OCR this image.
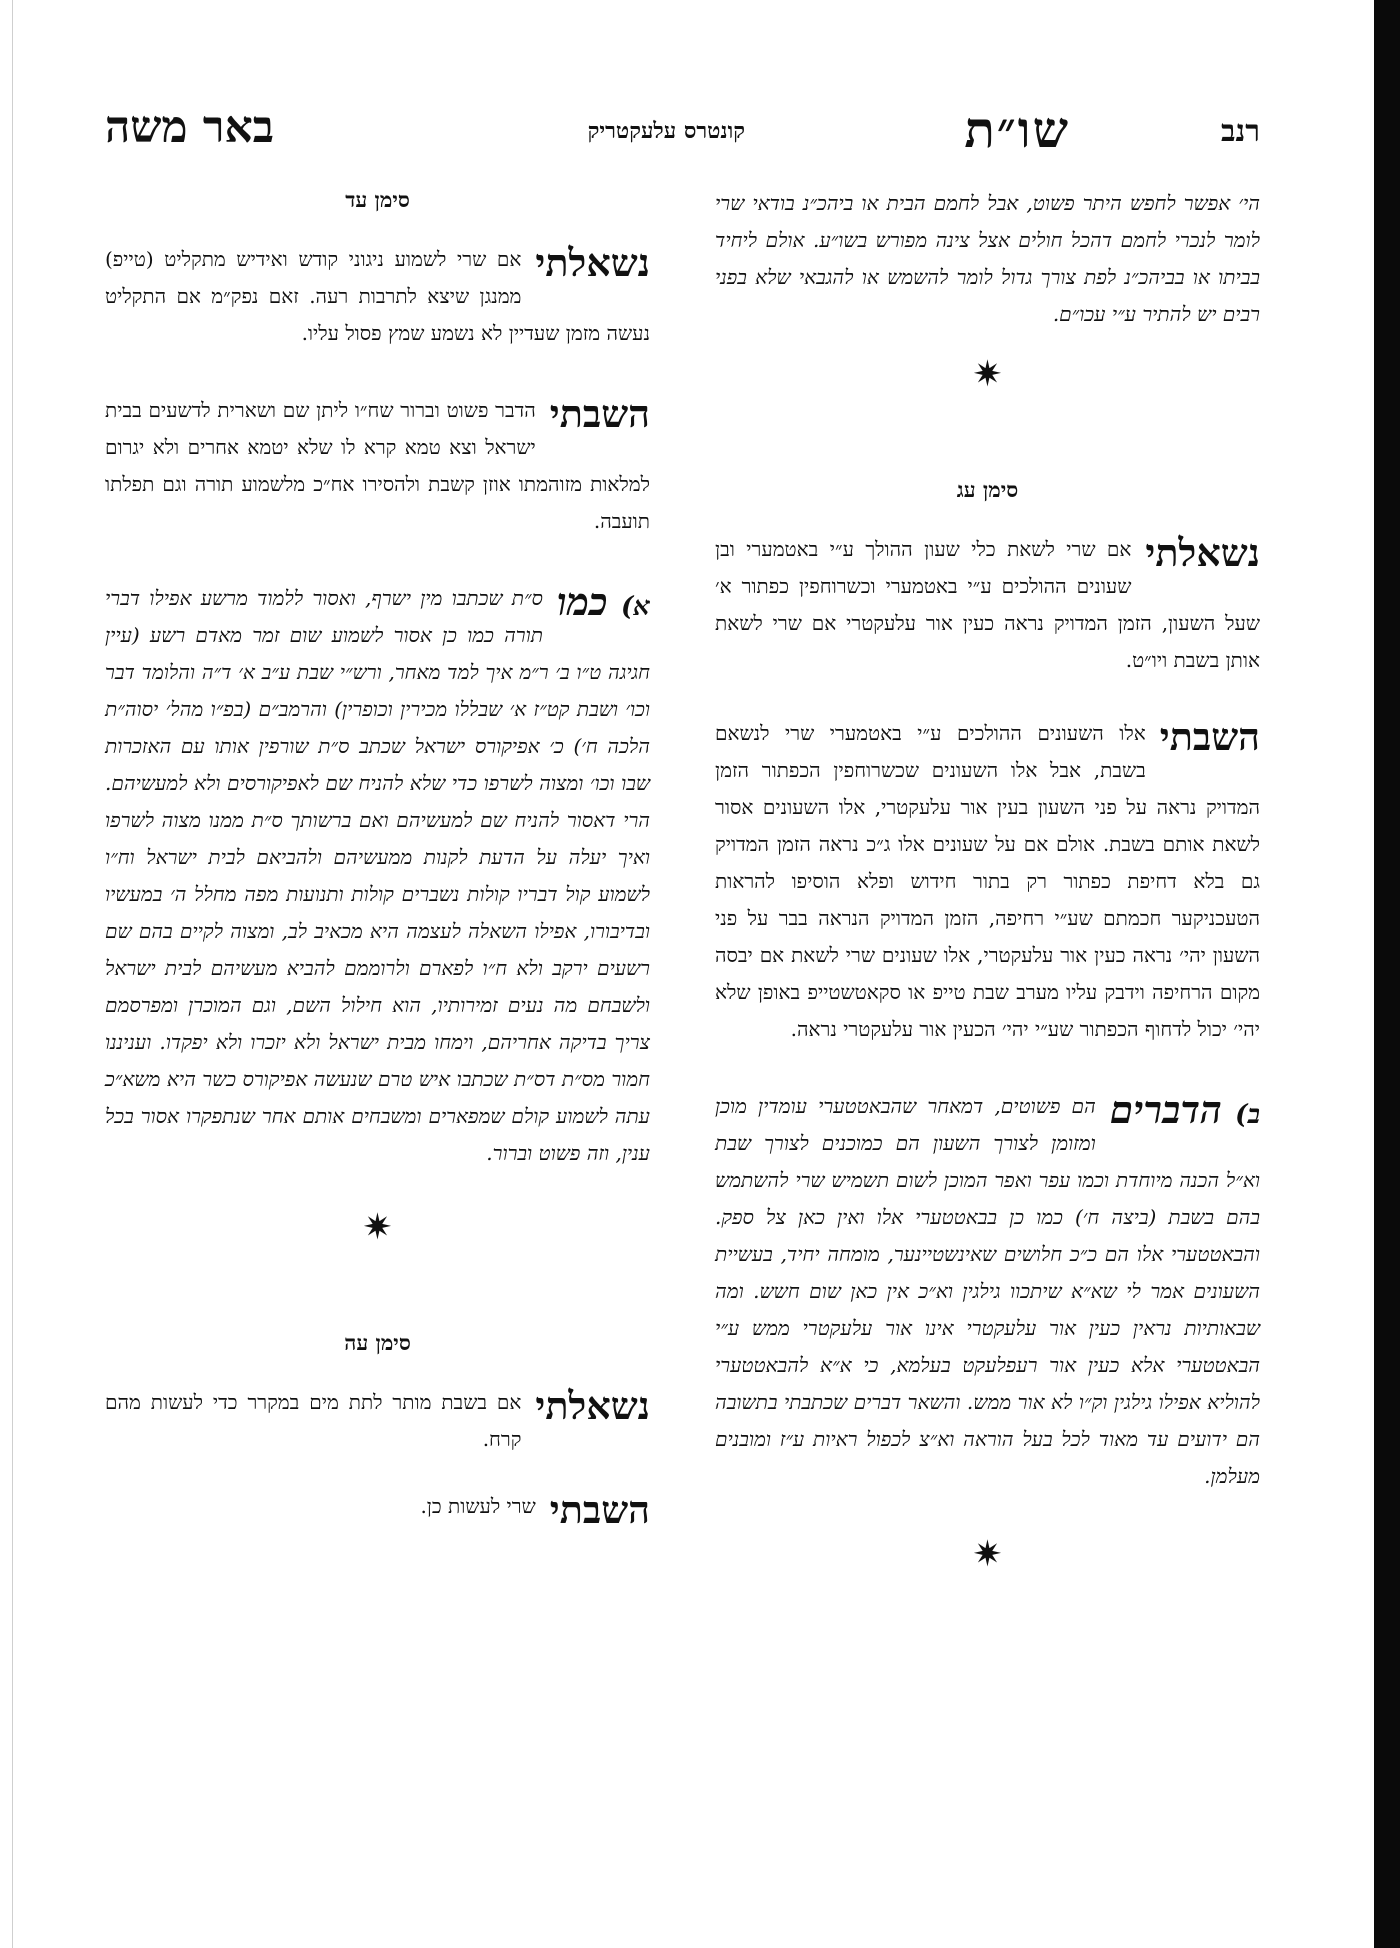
רנב
שו״ת
קונטרס עלעקטריק
באר משה

הי׳ אפשר לחפש היתר פשוט, אבל לחמם הבית או ביהכ״נ בודאי שרי לומר לנכרי לחמם דהכל חולים אצל צינה מפורש בשו״ע. אולם ליחיד בביתו או בביהכ״נ לפת צורך גדול לומר להשמש או להגבאי שלא בפני רבים יש להתיר ע״י עכו״ם.

✷
סימן עג

נשאלתי
אם שרי לשאת כלי שעון ההולך ע״י באטמערי ובן שעונים ההולכים ע״י באטמערי וכשרוחפין כפתור א׳ שעל השעון, הזמן המדויק נראה כעין אור עלעקטרי אם שרי לשאת אותן בשבת ויו״ט.

השבתי
אלו השעונים ההולכים ע״י באטמערי שרי לנשאם בשבת, אבל אלו השעונים שכשרוחפין הכפתור הזמן המדויק נראה על פני השעון בעין אור עלעקטרי, אלו השעונים אסור לשאת אותם בשבת. אולם אם על שעונים אלו ג״כ נראה הזמן המדויק גם בלא דחיפת כפתור רק בתור חידוש ופלא הוסיפו להראות הטעכניקער חכמתם שע״י רחיפה, הזמן המדויק הנראה בבר על פני השעון יהי׳ נראה כעין אור עלעקטרי, אלו שעונים שרי לשאת אם יבסה מקום הרחיפה וידבק עליו מערב שבת טייפ או סקאטשטייפ באופן שלא יהי׳ יכול לדחוף הכפתור שע״י יהי׳ הכעין אור עלעקטרי נראה.

ב) הדברים
הם פשוטים, דמאחר שהבאטטערי עומדין מוכן ומזומן לצורך השעון הם כמוכנים לצורך שבת וא״ל הכנה מיוחדת וכמו עפר ואפר המוכן לשום תשמיש שרי להשתמש בהם בשבת (ביצה ח׳) כמו כן בבאטטערי אלו ואין כאן צל ספק. והבאטטערי אלו הם כ״כ חלושים שאינשטיינער, מומחה יחיד, בעשיית השעונים אמר לי שא״א שיתכוו גילגין וא״כ אין כאן שום חשש. ומה שבאותיות נראין כעין אור עלעקטרי אינו אור עלעקטרי ממש ע״י הבאטטערי אלא כעין אור רעפלעקט בעלמא, כי א״א להבאטטערי להוליא אפילו גילגין וק״ו לא אור ממש. והשאר דברים שכתבתי בתשובה הם ידועים עד מאוד לכל בעל הוראה וא״צ לכפול ראיות ע״ז ומובנים מעלמן.

✷
סימן עד

נשאלתי
אם שרי לשמוע ניגוני קודש ואידיש מתקליט (טייפ) ממנגן שיצא לתרבות רעה. זאם נפק״מ אם התקליט נעשה מזמן שעדיין לא נשמע שמץ פסול עליו.

השבתי
הדבר פשוט וברור שח״ו ליתן שם ושארית לדשעים בבית ישראל וצא טמא קרא לו שלא יטמא אחרים ולא יגרום למלאות מזוהמתו אוזן קשבת ולהסירו אח״כ מלשמוע תורה וגם תפלתו תועבה.

א) כמו
ס״ת שכתבו מין ישרף, ואסור ללמוד מרשע אפילו דברי תורה כמו כן אסור לשמוע שום זמר מאדם רשע (עיין חגיגה ט״ו ב׳ ר״מ איך למד מאחר, ורש״י שבת ע״ב א׳ ד״ה והלומד דבר וכו׳ ושבת קט״ז א׳ שבללו מכירין וכופרין) והרמב״ם (בפ״ו מהל׳ יסוה״ת הלכה ח׳) כ׳ אפיקורס ישראל שכתב ס״ת שורפין אותו עם האזכרות שבו וכו׳ ומצוה לשרפו כדי שלא להניח שם לאפיקורסים ולא למעשיהם. הרי דאסור להניח שם למעשיהם ואם ברשותך ס״ת ממנו מצוה לשרפו ואיך יעלה על הדעת לקנות ממעשיהם ולהביאם לבית ישראל וח״ו לשמוע קול דבריו קולות נשברים קולות ותנועות מפה מחלל ה׳ במעשיו ובדיבורו, אפילו השאלה לעצמה היא מכאיב לב, ומצוה לקיים בהם שם רשעים ירקב ולא ח״ו לפארם ולרוממם להביא מעשיהם לבית ישראל ולשבחם מה נעים זמירותיו, הוא חילול השם, וגם המוכרן ומפרסמם צריך בדיקה אחריהם, וימחו מבית ישראל ולא יזכרו ולא יפקדו. ועניננו חמור מס״ת דס״ת שכתבו איש טרם שנעשה אפיקורס כשר היא משא״כ עתה לשמוע קולם שמפארים ומשבחים אותם אחר שנתפקרו אסור בכל ענין, וזה פשוט וברור.

✷
סימן עה

נשאלתי
אם בשבת מותר לתת מים במקרר כדי לעשות מהם קרח.

השבתי
שרי לעשות כן.
